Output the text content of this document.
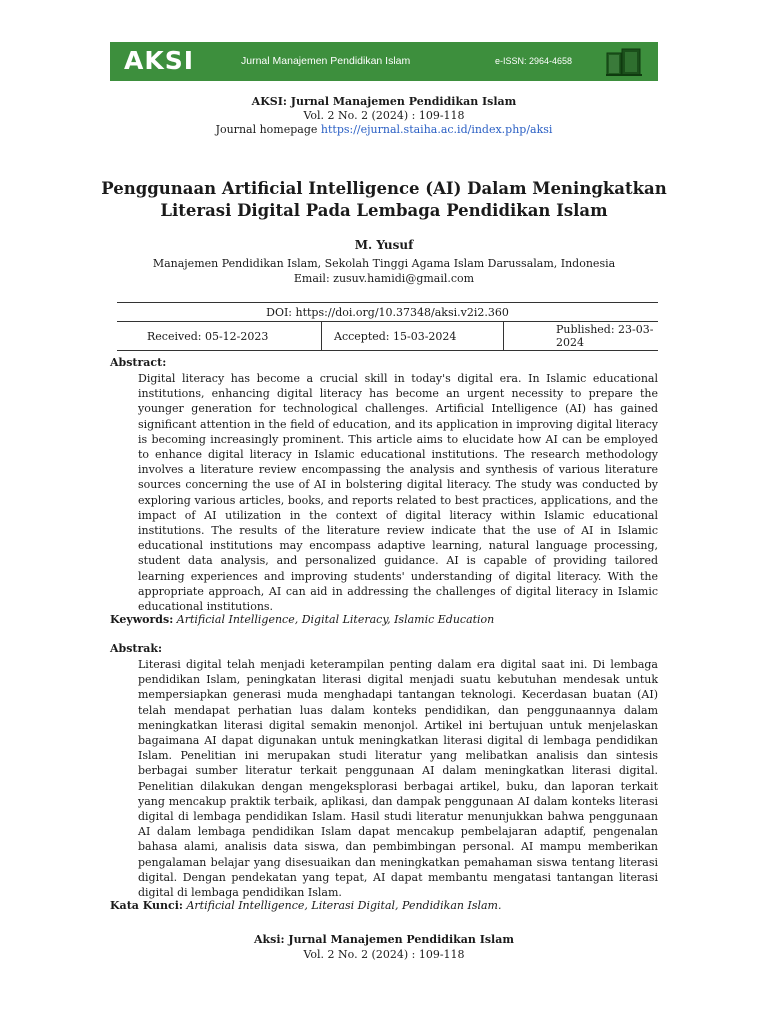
AKSI	Jurnal Manajemen Pendidikan Islam	e-ISSN: 2964-4658
AKSI: Jurnal Manajemen Pendidikan Islam
Vol. 2 No. 2 (2024) : 109-118
Journal homepage https://ejurnal.staiha.ac.id/index.php/aksi
Penggunaan Artificial Intelligence (AI) Dalam Meningkatkan
Literasi Digital Pada Lembaga Pendidikan Islam
M. Yusuf
Manajemen Pendidikan Islam, Sekolah Tinggi Agama Islam Darussalam, Indonesia
Email: zusuv.hamidi@gmail.com
DOI: https://doi.org/10.37348/aksi.v2i2.360
Received: 05-12-2023	Accepted: 15-03-2024	Published: 23-03-2024
Abstract:
Digital literacy has become a crucial skill in today's digital era. In Islamic educational institutions, enhancing digital literacy has become an urgent necessity to prepare the younger generation for technological challenges. Artificial Intelligence (AI) has gained significant attention in the field of education, and its application in improving digital literacy is becoming increasingly prominent. This article aims to elucidate how AI can be employed to enhance digital literacy in Islamic educational institutions. The research methodology involves a literature review encompassing the analysis and synthesis of various literature sources concerning the use of AI in bolstering digital literacy. The study was conducted by exploring various articles, books, and reports related to best practices, applications, and the impact of AI utilization in the context of digital literacy within Islamic educational institutions. The results of the literature review indicate that the use of AI in Islamic educational institutions may encompass adaptive learning, natural language processing, student data analysis, and personalized guidance. AI is capable of providing tailored learning experiences and improving students' understanding of digital literacy. With the appropriate approach, AI can aid in addressing the challenges of digital literacy in Islamic educational institutions.
Keywords: Artificial Intelligence, Digital Literacy, Islamic Education
Abstrak:
Literasi digital telah menjadi keterampilan penting dalam era digital saat ini. Di lembaga pendidikan Islam, peningkatan literasi digital menjadi suatu kebutuhan mendesak untuk mempersiapkan generasi muda menghadapi tantangan teknologi. Kecerdasan buatan (AI) telah mendapat perhatian luas dalam konteks pendidikan, dan penggunaannya dalam meningkatkan literasi digital semakin menonjol. Artikel ini bertujuan untuk menjelaskan bagaimana AI dapat digunakan untuk meningkatkan literasi digital di lembaga pendidikan Islam. Penelitian ini merupakan studi literatur yang melibatkan analisis dan sintesis berbagai sumber literatur terkait penggunaan AI dalam meningkatkan literasi digital. Penelitian dilakukan dengan mengeksplorasi berbagai artikel, buku, dan laporan terkait yang mencakup praktik terbaik, aplikasi, dan dampak penggunaan AI dalam konteks literasi digital di lembaga pendidikan Islam. Hasil studi literatur menunjukkan bahwa penggunaan AI dalam lembaga pendidikan Islam dapat mencakup pembelajaran adaptif, pengenalan bahasa alami, analisis data siswa, dan pembimbingan personal. AI mampu memberikan pengalaman belajar yang disesuaikan dan meningkatkan pemahaman siswa tentang literasi digital. Dengan pendekatan yang tepat, AI dapat membantu mengatasi tantangan literasi digital di lembaga pendidikan Islam.
Kata Kunci: Artificial Intelligence, Literasi Digital, Pendidikan Islam.
Aksi: Jurnal Manajemen Pendidikan Islam
Vol. 2 No. 2 (2024) : 109-118
